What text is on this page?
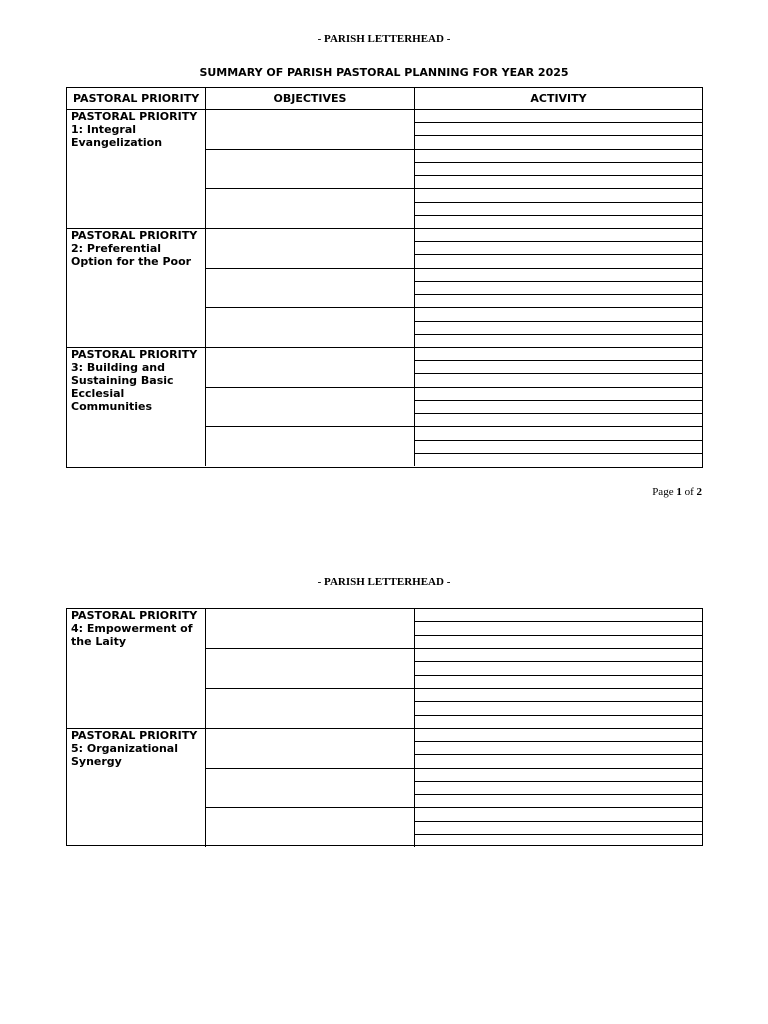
- PARISH LETTERHEAD -
SUMMARY OF PARISH PASTORAL PLANNING FOR YEAR 2025
PASTORAL PRIORITY	OBJECTIVES	ACTIVITY
PASTORAL PRIORITY 1: Integral Evangelization
PASTORAL PRIORITY 2: Preferential Option for the Poor
PASTORAL PRIORITY 3: Building and Sustaining Basic Ecclesial Communities
Page 1 of 2
- PARISH LETTERHEAD -
PASTORAL PRIORITY 4: Empowerment of the Laity
PASTORAL PRIORITY 5: Organizational Synergy
